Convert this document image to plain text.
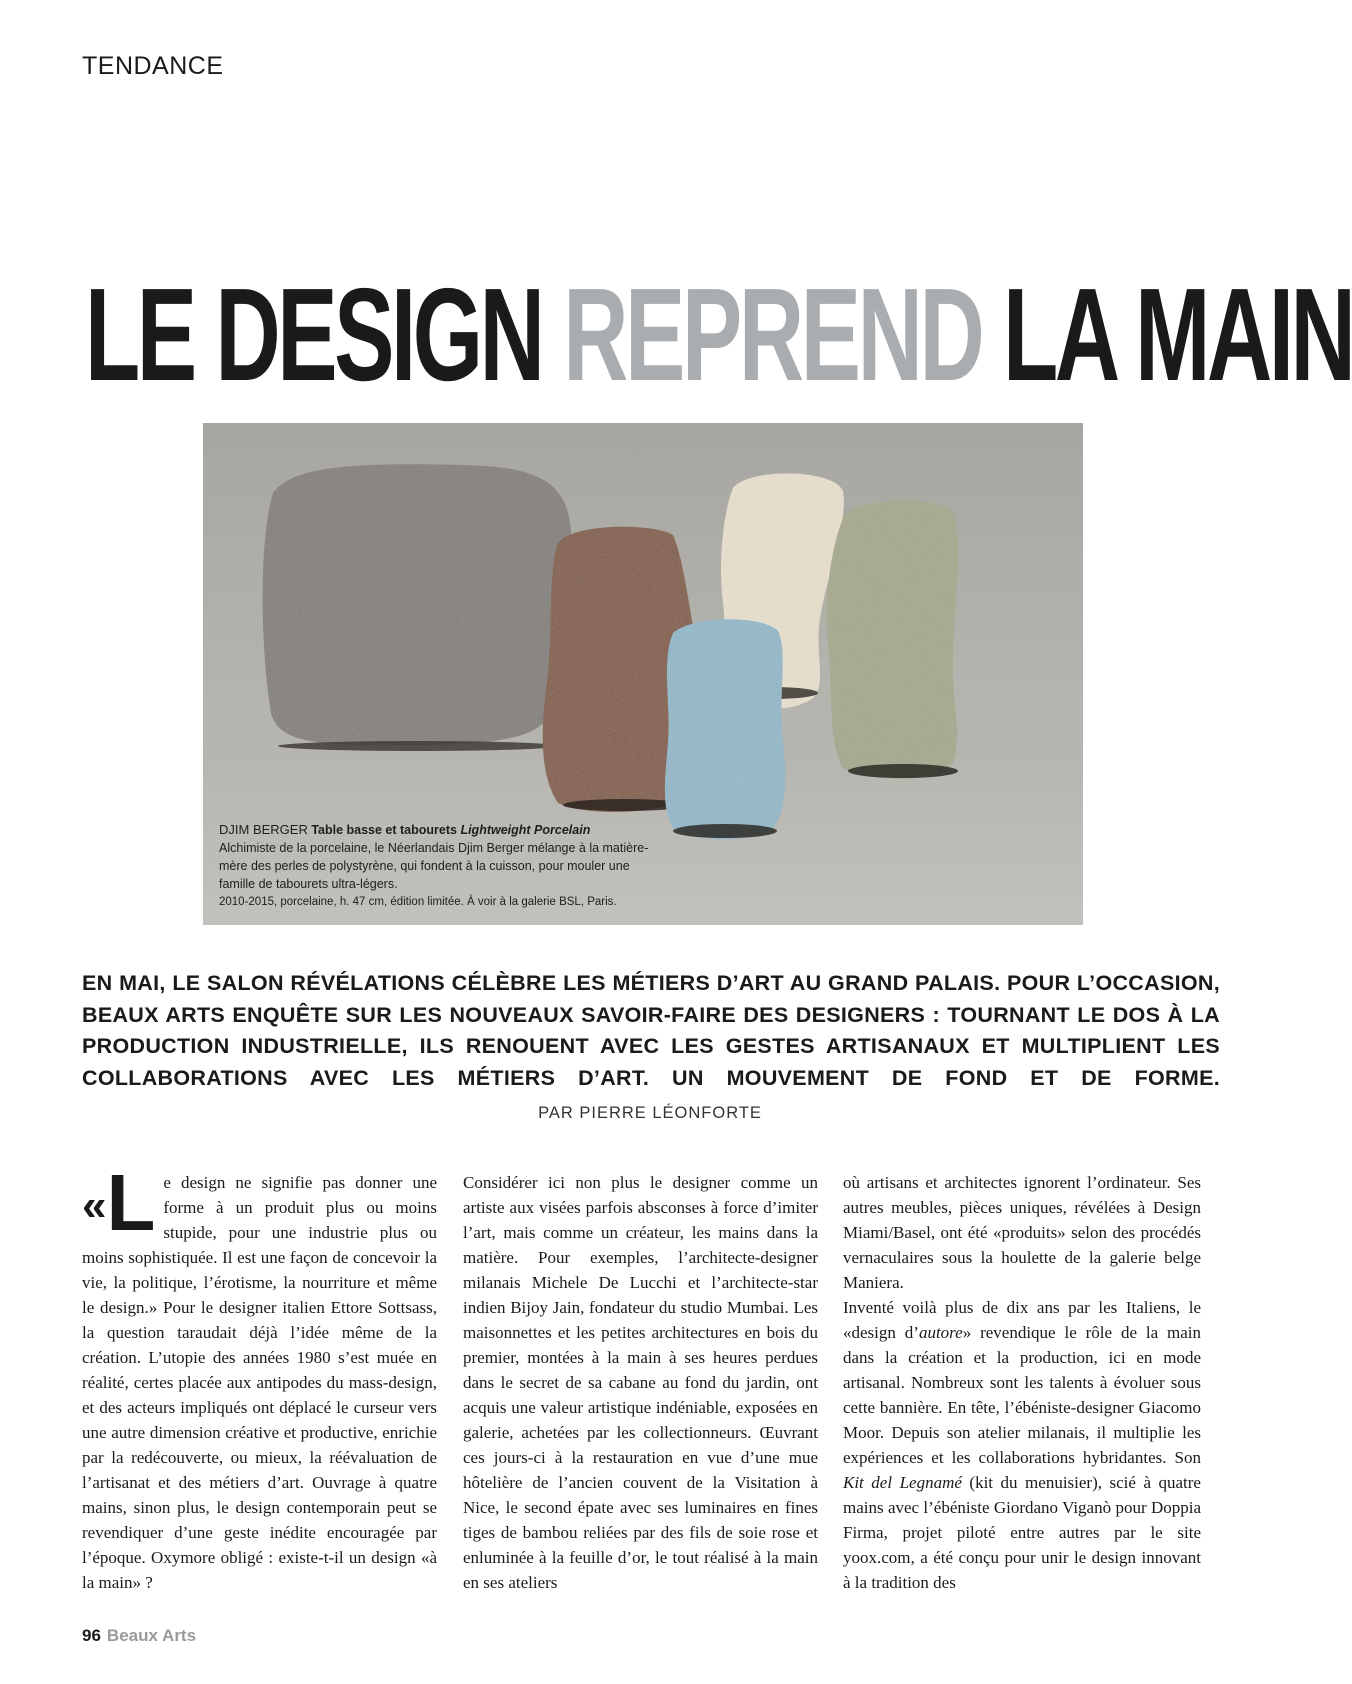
TENDANCE
LE DESIGN REPREND LA MAIN
DJIM BERGER Table basse et tabourets Lightweight Porcelain
Alchimiste de la porcelaine, le Néerlandais Djim Berger mélange à la matière-mère des perles de polystyrène, qui fondent à la cuisson, pour mouler une famille de tabourets ultra-légers.
2010-2015, porcelaine, h. 47 cm, édition limitée. À voir à la galerie BSL, Paris.
EN MAI, LE SALON RÉVÉLATIONS CÉLÈBRE LES MÉTIERS D’ART AU GRAND PALAIS. POUR L’OCCASION, BEAUX ARTS ENQUÊTE SUR LES NOUVEAUX SAVOIR-FAIRE DES DESIGNERS : TOURNANT LE DOS À LA PRODUCTION INDUSTRIELLE, ILS RENOUENT AVEC LES GESTES ARTISANAUX ET MULTIPLIENT LES COLLABORATIONS AVEC LES MÉTIERS D’ART. UN MOUVEMENT DE FOND ET DE FORME.
PAR PIERRE LÉONFORTE

«L e design ne signifie pas donner une forme à un produit plus ou moins stupide, pour une industrie plus ou moins sophistiquée. Il est une façon de concevoir la vie, la politique, l’érotisme, la nourriture et même le design.» Pour le designer italien Ettore Sottsass, la question taraudait déjà l’idée même de la création. L’utopie des années 1980 s’est muée en réalité, certes placée aux antipodes du mass-design, et des acteurs impliqués ont déplacé le curseur vers une autre dimension créative et productive, enrichie par la redécouverte, ou mieux, la réévaluation de l’artisanat et des métiers d’art. Ouvrage à quatre mains, sinon plus, le design contemporain peut se revendiquer d’une geste inédite encouragée par l’époque. Oxymore obligé : existe-t-il un design «à la main» ?

Considérer ici non plus le designer comme un artiste aux visées parfois absconses à force d’imiter l’art, mais comme un créateur, les mains dans la matière. Pour exemples, l’architecte-designer milanais Michele De Lucchi et l’architecte-star indien Bijoy Jain, fondateur du studio Mumbai. Les maisonnettes et les petites architectures en bois du premier, montées à la main à ses heures perdues dans le secret de sa cabane au fond du jardin, ont acquis une valeur artistique indéniable, exposées en galerie, achetées par les collectionneurs. Œuvrant ces jours-ci à la restauration en vue d’une mue hôtelière de l’ancien couvent de la Visitation à Nice, le second épate avec ses luminaires en fines tiges de bambou reliées par des fils de soie rose et enluminée à la feuille d’or, le tout réalisé à la main en ses ateliers

où artisans et architectes ignorent l’ordinateur. Ses autres meubles, pièces uniques, révélées à Design Miami/Basel, ont été «produits» selon des procédés vernaculaires sous la houlette de la galerie belge Maniera.

Inventé voilà plus de dix ans par les Italiens, le «design d’autore» revendique le rôle de la main dans la création et la production, ici en mode artisanal. Nombreux sont les talents à évoluer sous cette bannière. En tête, l’ébéniste-designer Giacomo Moor. Depuis son atelier milanais, il multiplie les expériences et les collaborations hybridantes. Son Kit del Legnamé (kit du menuisier), scié à quatre mains avec l’ébéniste Giordano Viganò pour Doppia Firma, projet piloté entre autres par le site yoox.com, a été conçu pour unir le design innovant à la tradition des

96 Beaux Arts
